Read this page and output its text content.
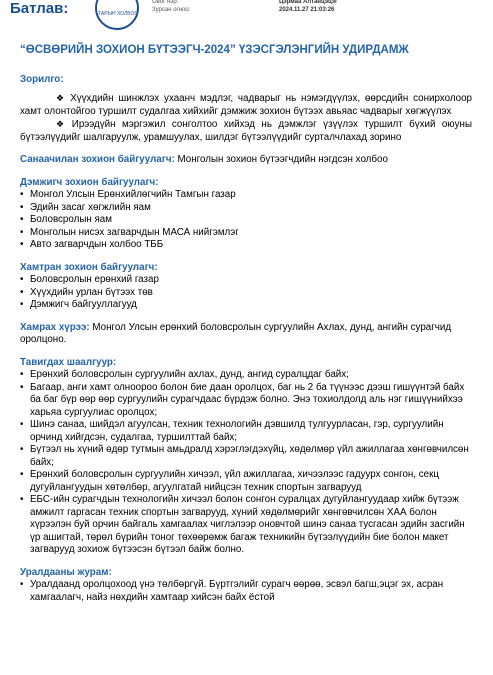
Батлав:	ТАРЫН ХОЛБОО
Овог нэр:
Зурсан огноо:
Цэрмаа Алтанцэцэг
2024.11.27 21:03:26
“ӨСВӨРИЙН ЗОХИОН БҮТЭЭГЧ-2024” ҮЗЭСГЭЛЭНГИЙН УДИРДАМЖ
Зорилго:

❖ Хүүхдийн шинжлэх ухаанч мэдлэг, чадварыг нь нэмэгдүүлэх, өөрсдийн сонирхолоор хамт олонтойгоо туршилт судалгаа хийхийг дэмжиж зохион бүтээх авьяас чадварыг хөгжүүлэх

❖ Ирээдүйн мэргэжил сонголтоо хийхэд нь дэмжлэг үзүүлэх туршилт бүхий оюуны бүтээлүүдийг шалгаруулж, урамшуулах, шилдэг бүтээлүүдийг сурталчлахад зорино

Санаачилан зохион байгуулагч: Монголын зохион бүтээгчдийн нэгдсэн холбоо

Дэмжигч зохион байгуулагч:
• Монгол Улсын Ерөнхийлөгчийн Тамгын газар
• Эдийн засаг хөгжлийн яам
• Боловсролын яам
• Монголын нисэх загварчдын МАСА нийгэмлэг
• Авто загварчдын холбоо ТББ
Хамтран зохион байгуулагч:
• Боловсролын ерөнхий газар
• Хүүхдийн урлан бүтээх төв
• Дэмжигч байгууллагууд

Хамрах хүрээ: Монгол Улсын ерөнхий боловсролын сургуулийн Ахлах, дунд, ангийн сурагчид оролцоно.

Тавигдах шаалгуур:
• Ерөнхий боловсролын сургуулийн ахлах, дунд, ангид суралцдаг байх;
• Багаар, анги хамт олноороо болон бие даан оролцох, баг нь 2 ба түүнээс дээш гишүүнтэй байх ба баг бүр өөр өөр сургуулийн сурагчдаас бүрдэж болно. Энэ тохиолдолд аль нэг гишүүнийхээ харьяа сургуулиас оролцох;
• Шинэ санаа, шийдэл агуулсан, техник технологийн дэвшилд тулгуурласан, гэр, сургуулийн орчинд хийгдсэн, судалгаа, туршилттай байх;
• Бүтээл нь хүний өдөр тутмын амьдралд хэрэглэгдэхүйц, хөдөлмөр үйл ажиллагаа хөнгөвчилсөн байх;
• Ерөнхий боловсролын сургуулийн хичээл, үйл ажиллагаа, хичээлээс гадуурх сонгон, секц дугуйлангуудын хөтөлбөр, агуулгатай нийцсэн техник спортын загварууд
• ЕБС-ийн сурагчдын технологийн хичээл болон сонгон суралцах дугуйлангуудаар хийж бүтээж амжилт гаргасан техник спортын загварууд, хүний хөдөлмөрийг хөнгөвчилсөн ХАА болон хүрээлэн буй орчин байгаль хамгаалах чиглэлээр оновчтой шинэ санаа тусгасан эдийн засгийн үр ашигтай, төрөл бүрийн тоног төхөөрөмж багаж техникийн бүтээлүүдийн бие болон макет загварууд зохиож бүтээсэн бүтээл байж болно.
Уралдааны журам:
• Уралдаанд оролцохоод үнэ төлбөргүй. Бүртгэлийг сурагч өөрөө, эсвэл багш,эцэг эх, асран хамгаалагч, найз нөхдийн хамтаар хийсэн байх ёстой
